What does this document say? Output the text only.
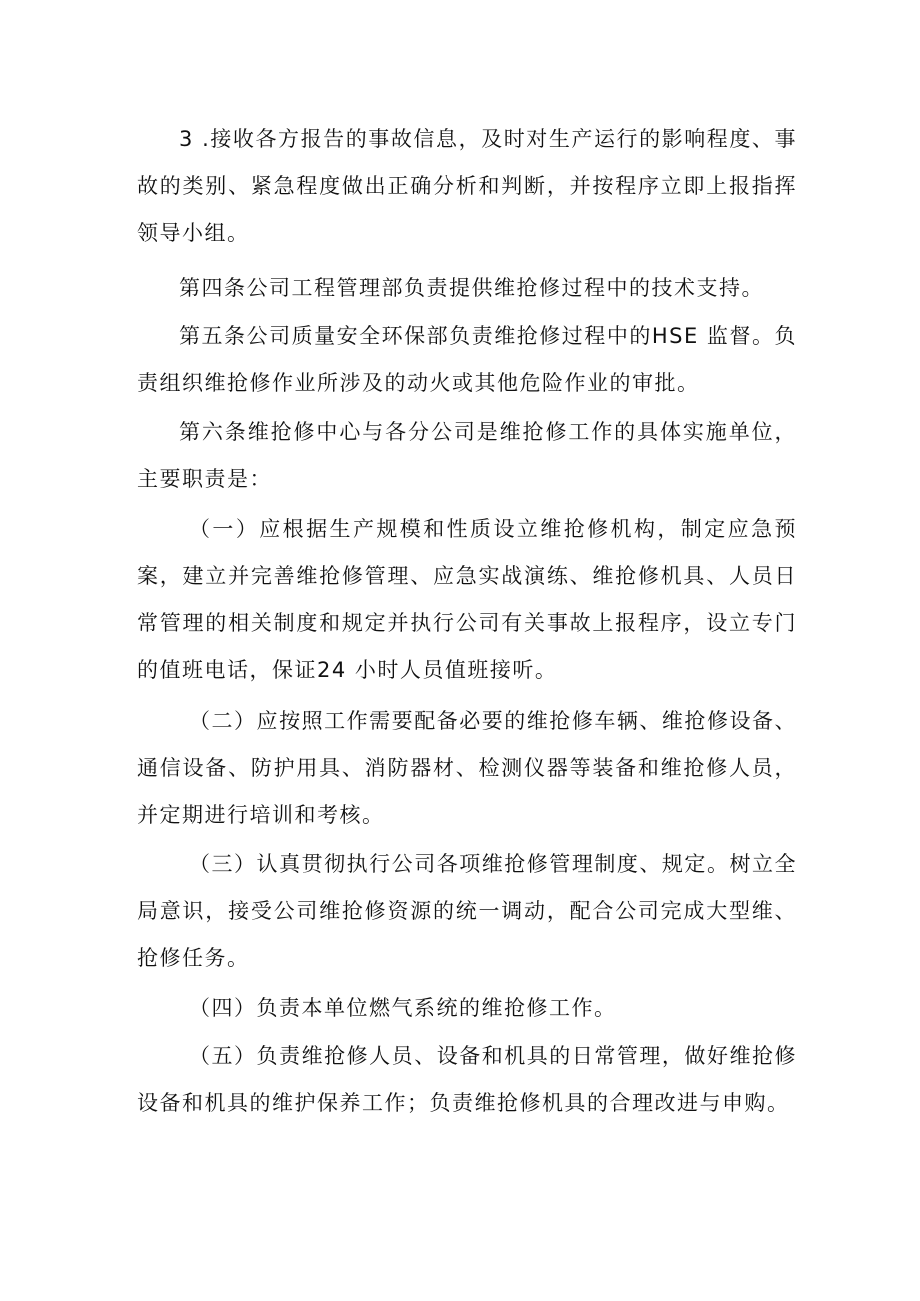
3 .接收各方报告的事故信息，及时对生产运行的影响程度、事故的类别、紧急程度做出正确分析和判断，并按程序立即上报指挥领导小组。

第四条公司工程管理部负责提供维抢修过程中的技术支持。

第五条公司质量安全环保部负责维抢修过程中的HSE 监督。负责组织维抢修作业所涉及的动火或其他危险作业的审批。

第六条维抢修中心与各分公司是维抢修工作的具体实施单位，主要职责是：

（一）应根据生产规模和性质设立维抢修机构，制定应急预案，建立并完善维抢修管理、应急实战演练、维抢修机具、人员日常管理的相关制度和规定并执行公司有关事故上报程序，设立专门的值班电话，保证24 小时人员值班接听。

（二）应按照工作需要配备必要的维抢修车辆、维抢修设备、通信设备、防护用具、消防器材、检测仪器等装备和维抢修人员，并定期进行培训和考核。

（三）认真贯彻执行公司各项维抢修管理制度、规定。树立全局意识，接受公司维抢修资源的统一调动，配合公司完成大型维、抢修任务。

（四）负责本单位燃气系统的维抢修工作。

（五）负责维抢修人员、设备和机具的日常管理，做好维抢修设备和机具的维护保养工作；负责维抢修机具的合理改进与申购。
